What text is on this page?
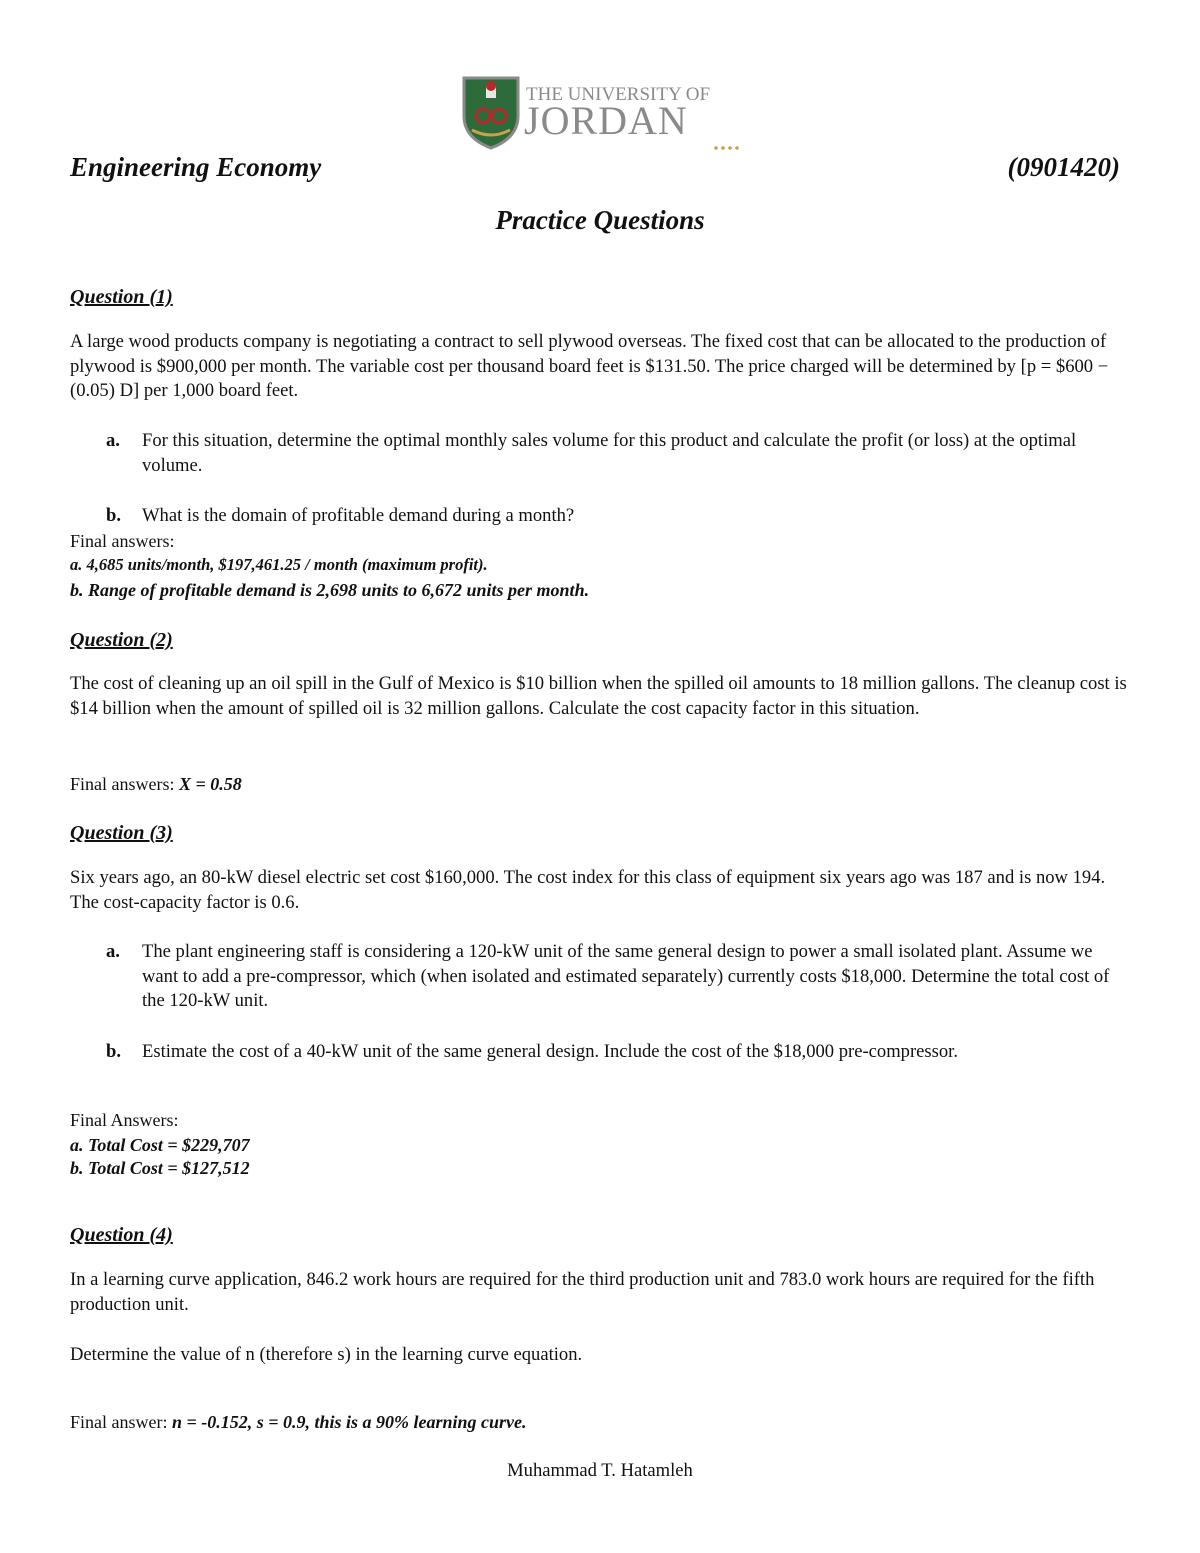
THE UNIVERSITY OF
JORDAN
Engineering Economy	(0901420)
Practice Questions
Question (1)
A large wood products company is negotiating a contract to sell plywood overseas. The fixed cost that can be allocated to the production of plywood is $900,000 per month. The variable cost per thousand board feet is $131.50. The price charged will be determined by [p = $600 − (0.05) D] per 1,000 board feet.
a. For this situation, determine the optimal monthly sales volume for this product and calculate the profit (or loss) at the optimal volume.
b. What is the domain of profitable demand during a month?
Final answers:
a. 4,685 units/month, $197,461.25 / month (maximum profit).
b. Range of profitable demand is 2,698 units to 6,672 units per month.
Question (2)
The cost of cleaning up an oil spill in the Gulf of Mexico is $10 billion when the spilled oil amounts to 18 million gallons. The cleanup cost is $14 billion when the amount of spilled oil is 32 million gallons. Calculate the cost capacity factor in this situation.
Final answers: X = 0.58
Question (3)
Six years ago, an 80-kW diesel electric set cost $160,000. The cost index for this class of equipment six years ago was 187 and is now 194. The cost-capacity factor is 0.6.
a. The plant engineering staff is considering a 120-kW unit of the same general design to power a small isolated plant. Assume we want to add a pre-compressor, which (when isolated and estimated separately) currently costs $18,000. Determine the total cost of the 120-kW unit.
b. Estimate the cost of a 40-kW unit of the same general design. Include the cost of the $18,000 pre-compressor.
Final Answers:
a. Total Cost = $229,707
b. Total Cost = $127,512
Question (4)
In a learning curve application, 846.2 work hours are required for the third production unit and 783.0 work hours are required for the fifth production unit.
Determine the value of n (therefore s) in the learning curve equation.
Final answer: n = -0.152, s = 0.9, this is a 90% learning curve.
Muhammad T. Hatamleh
